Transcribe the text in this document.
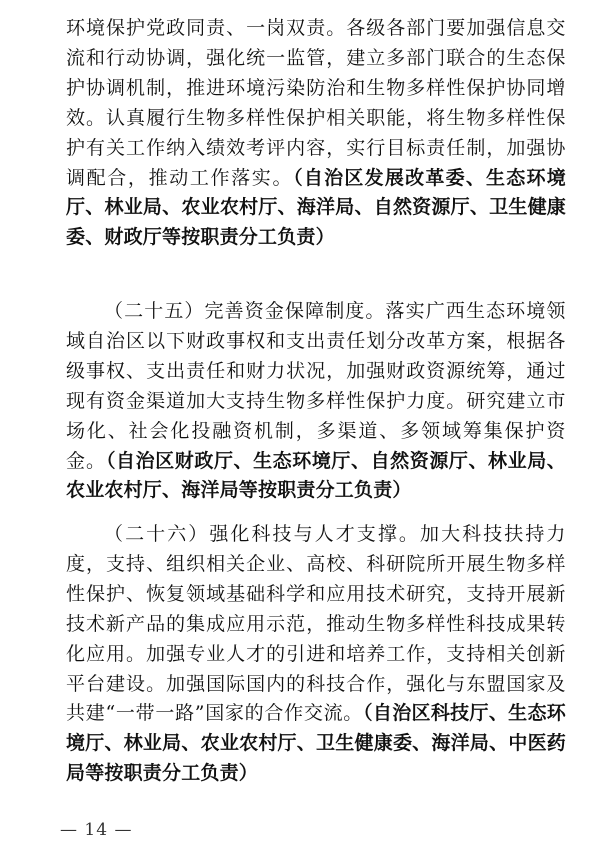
环境保护党政同责、一岗双责。各级各部门要加强信息交流和行动协调，强化统一监管，建立多部门联合的生态保护协调机制，推进环境污染防治和生物多样性保护协同增效。认真履行生物多样性保护相关职能，将生物多样性保护有关工作纳入绩效考评内容，实行目标责任制，加强协调配合，推动工作落实。（自治区发展改革委、生态环境厅、林业局、农业农村厅、海洋局、自然资源厅、卫生健康委、财政厅等按职责分工负责）

（二十五）完善资金保障制度。落实广西生态环境领域自治区以下财政事权和支出责任划分改革方案，根据各级事权、支出责任和财力状况，加强财政资源统筹，通过现有资金渠道加大支持生物多样性保护力度。研究建立市场化、社会化投融资机制，多渠道、多领域筹集保护资金。（自治区财政厅、生态环境厅、自然资源厅、林业局、农业农村厅、海洋局等按职责分工负责）

（二十六）强化科技与人才支撑。加大科技扶持力度，支持、组织相关企业、高校、科研院所开展生物多样性保护、恢复领域基础科学和应用技术研究，支持开展新技术新产品的集成应用示范，推动生物多样性科技成果转化应用。加强专业人才的引进和培养工作，支持相关创新平台建设。加强国际国内的科技合作，强化与东盟国家及共建“一带一路”国家的合作交流。（自治区科技厅、生态环境厅、林业局、农业农村厅、卫生健康委、海洋局、中医药局等按职责分工负责）

— 14 —
